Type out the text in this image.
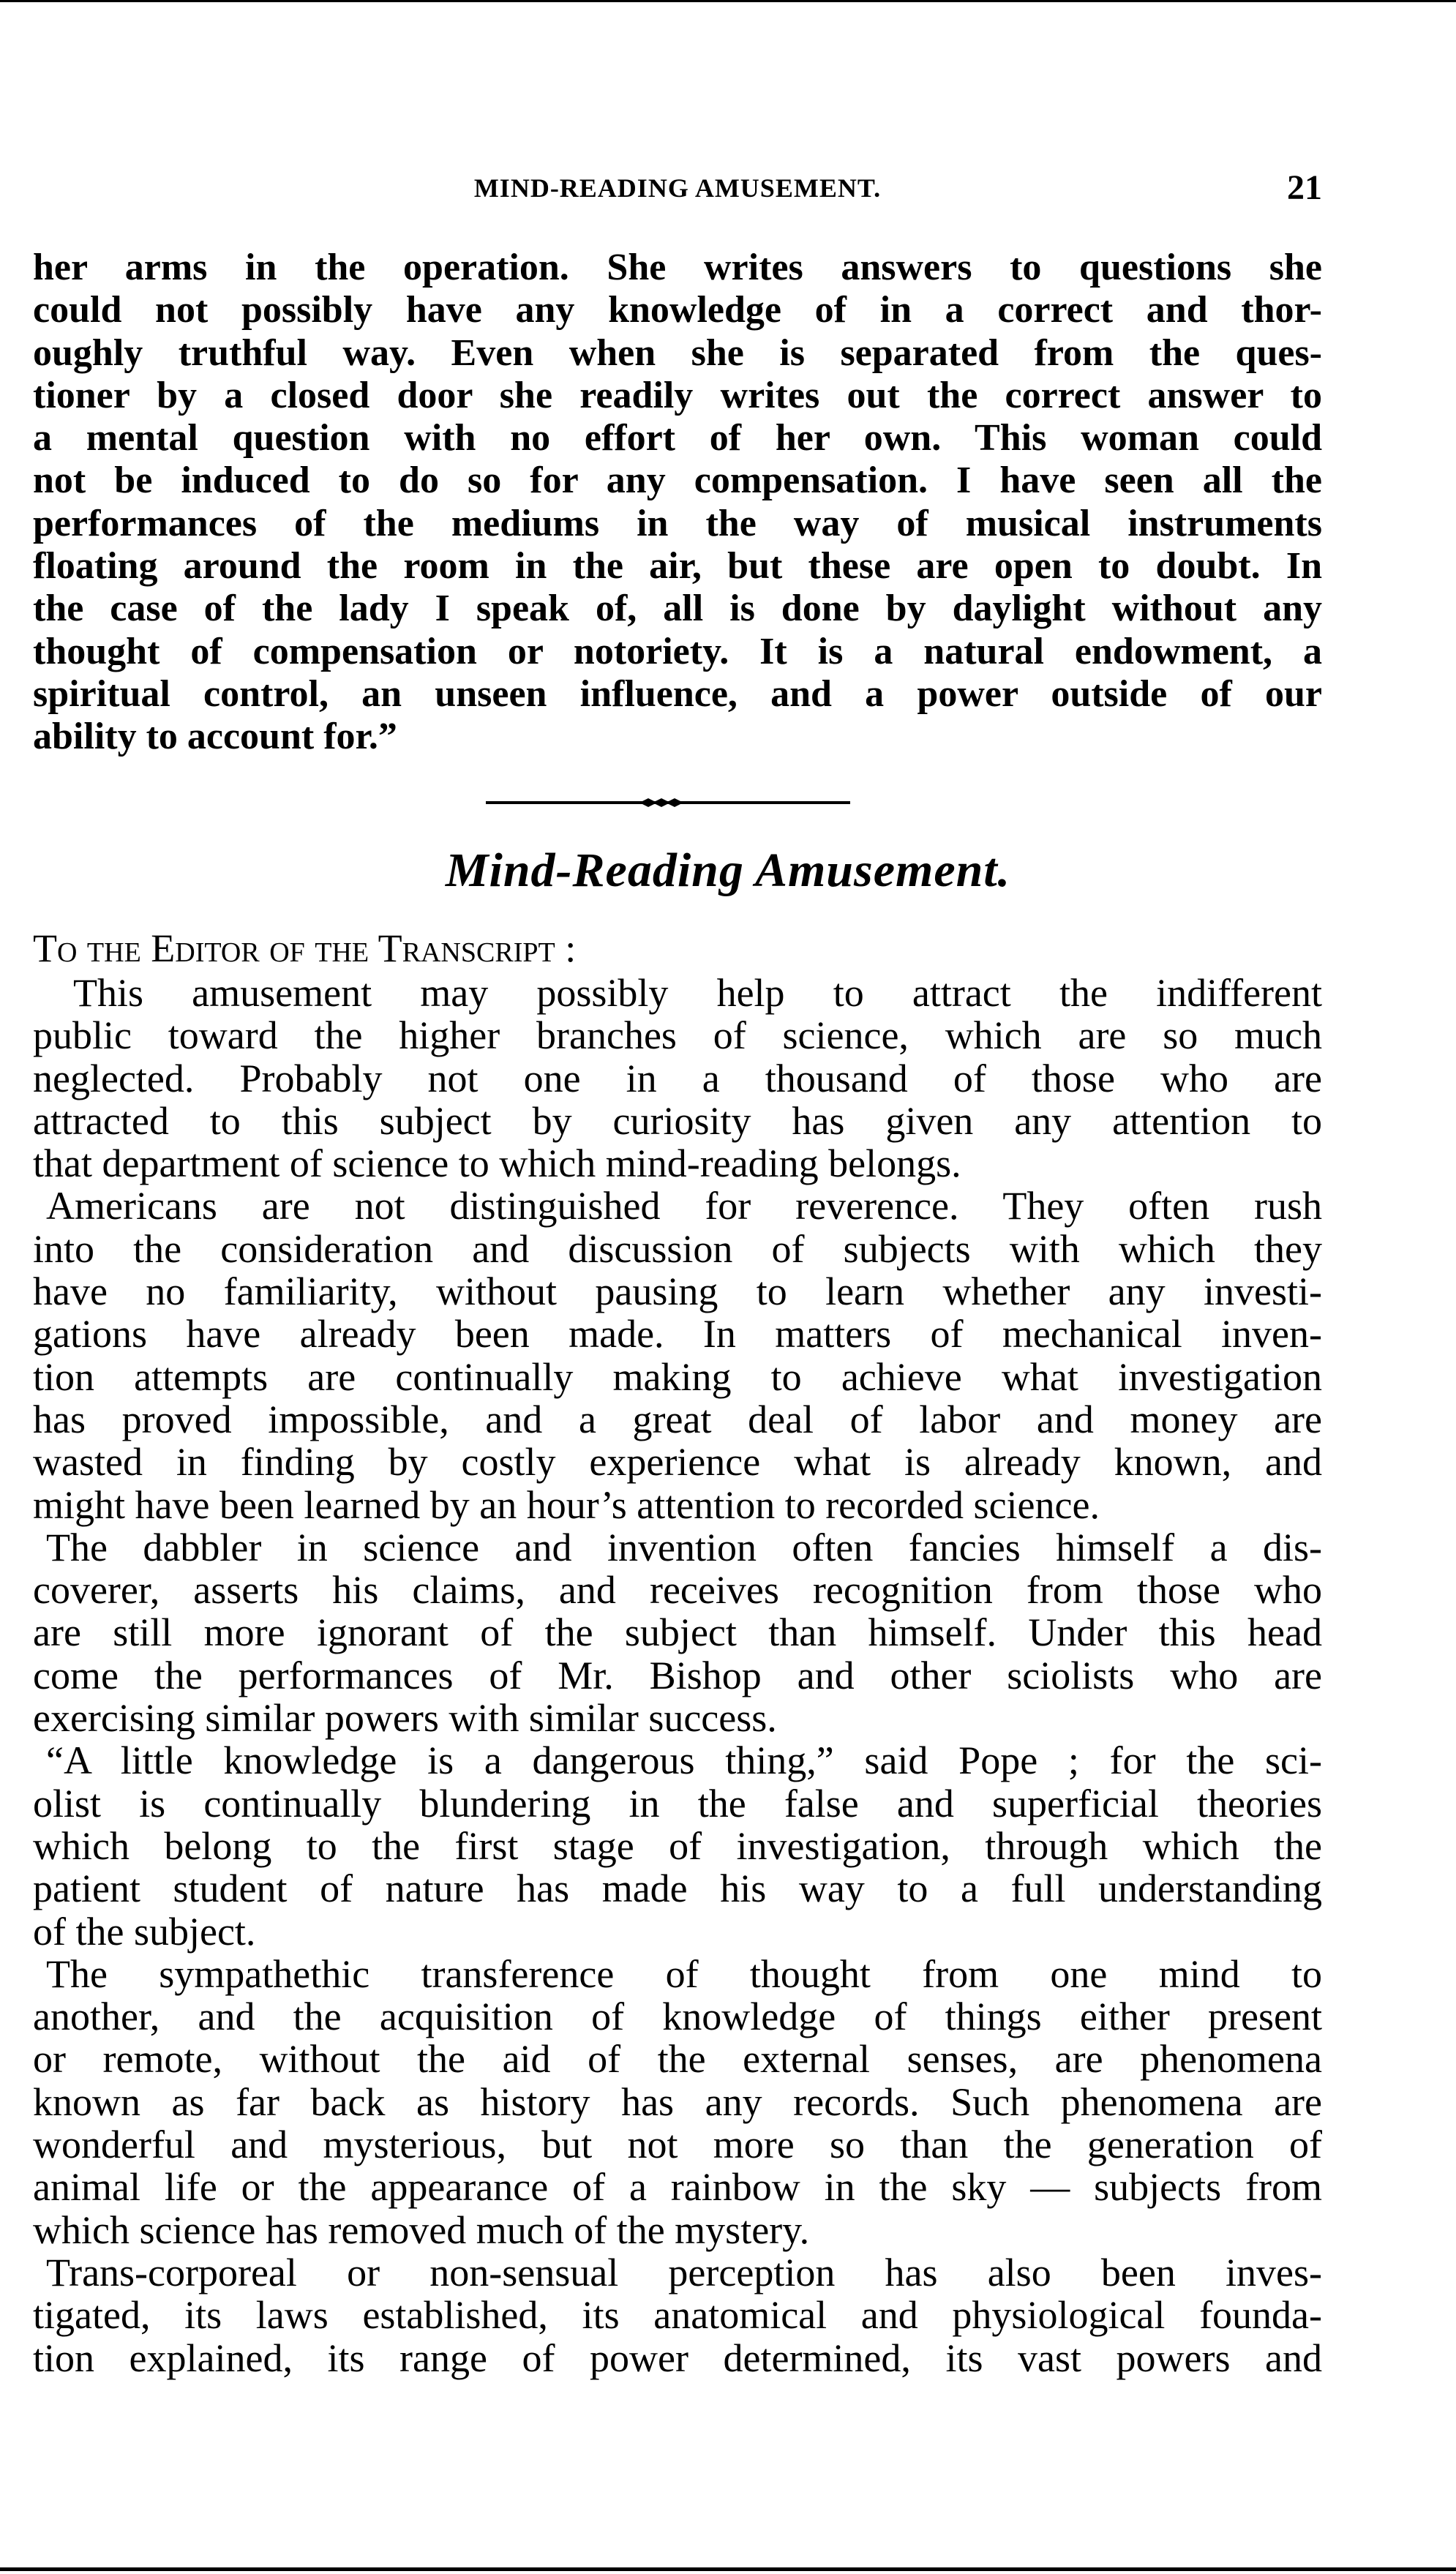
MIND-READING AMUSEMENT.	21
her arms in the operation. She writes answers to questions she
could not possibly have any knowledge of in a correct and thor-
oughly truthful way. Even when she is separated from the ques-
tioner by a closed door she readily writes out the correct answer to
a mental question with no effort of her own. This woman could
not be induced to do so for any compensation. I have seen all the
performances of the mediums in the way of musical instruments
floating around the room in the air, but these are open to doubt. In
the case of the lady I speak of, all is done by daylight without any
thought of compensation or notoriety. It is a natural endowment, a
spiritual control, an unseen influence, and a power outside of our
ability to account for.”
Mind-Reading Amusement.
To the Editor of the Transcript :
This amusement may possibly help to attract the indifferent
public toward the higher branches of science, which are so much
neglected. Probably not one in a thousand of those who are
attracted to this subject by curiosity has given any attention to
that department of science to which mind-reading belongs.
Americans are not distinguished for reverence. They often rush
into the consideration and discussion of subjects with which they
have no familiarity, without pausing to learn whether any investi-
gations have already been made. In matters of mechanical inven-
tion attempts are continually making to achieve what investigation
has proved impossible, and a great deal of labor and money are
wasted in finding by costly experience what is already known, and
might have been learned by an hour’s attention to recorded science.
The dabbler in science and invention often fancies himself a dis-
coverer, asserts his claims, and receives recognition from those who
are still more ignorant of the subject than himself. Under this head
come the performances of Mr. Bishop and other sciolists who are
exercising similar powers with similar success.
“A little knowledge is a dangerous thing,” said Pope ; for the sci-
olist is continually blundering in the false and superficial theories
which belong to the first stage of investigation, through which the
patient student of nature has made his way to a full understanding
of the subject.
The sympathethic transference of thought from one mind to
another, and the acquisition of knowledge of things either present
or remote, without the aid of the external senses, are phenomena
known as far back as history has any records. Such phenomena are
wonderful and mysterious, but not more so than the generation of
animal life or the appearance of a rainbow in the sky — subjects from
which science has removed much of the mystery.
Trans-corporeal or non-sensual perception has also been inves-
tigated, its laws established, its anatomical and physiological founda-
tion explained, its range of power determined, its vast powers and
